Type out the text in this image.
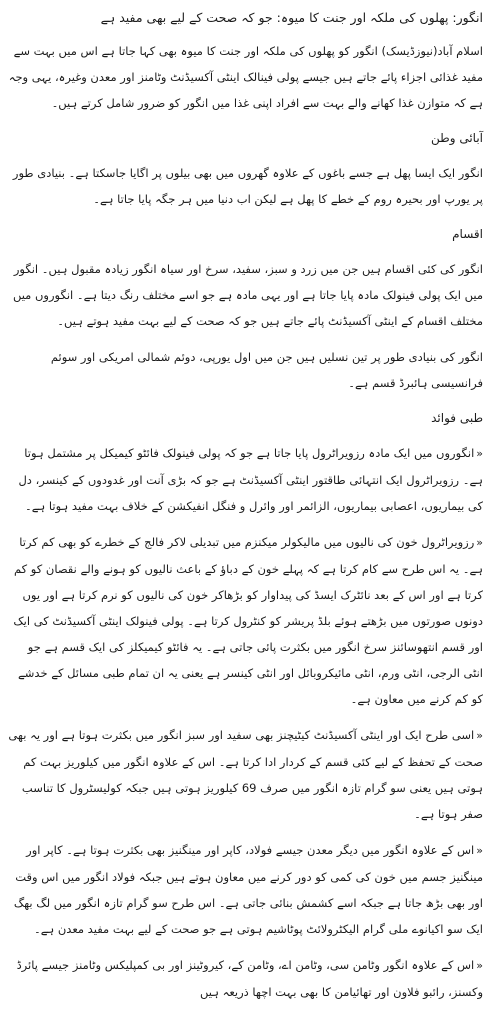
انگور: پھلوں کی ملکہ اور جنت کا میوہ: جو کہ صحت کے لیے بھی مفید ہے
اسلام آباد(نیوزڈیسک) انگور کو پھلوں کی ملکہ اور جنت کا میوہ بھی کہا جاتا ہے اس میں بہت سے مفید غذائی اجزاء پائے جاتے ہیں جیسے پولی فینالک اینٹی آکسیڈنٹ وٹامنز اور معدن وغیرہ، یہی وجہ ہے کہ متوازن غذا کھانے والے بہت سے افراد اپنی غذا میں انگور کو ضرور شامل کرتے ہیں۔
آبائی وطن
انگور ایک ایسا پھل ہے جسے باغوں کے علاوہ گھروں میں بھی بیلوں پر اگایا جاسکتا ہے۔ بنیادی طور پر یورپ اور بحیرہ روم کے خطے کا پھل ہے لیکن اب دنیا میں ہر جگہ پایا جاتا ہے۔
اقسام
انگور کی کئی اقسام ہیں جن میں زرد و سبز، سفید، سرخ اور سیاہ انگور زیادہ مقبول ہیں۔ انگور میں ایک پولی فینولک مادہ پایا جاتا ہے اور یہی مادہ ہے جو اسے مختلف رنگ دیتا ہے۔ انگوروں میں مختلف اقسام کے اینٹی آکسیڈنٹ پائے جاتے ہیں جو کہ صحت کے لیے بہت مفید ہوتے ہیں۔
انگور کی بنیادی طور پر تین نسلیں ہیں جن میں اول یورپی، دوئم شمالی امریکی اور سوئم فرانسیسی ہائبرڈ قسم ہے۔
طبی فوائد
«انگوروں میں ایک مادہ رزویراٹرول پایا جاتا ہے جو کہ پولی فینولک فائٹو کیمیکل پر مشتمل ہوتا ہے۔ رزویراٹرول ایک انتہائی طاقتور اینٹی آکسیڈنٹ ہے جو کہ بڑی آنت اور غدودوں کے کینسر، دل کی بیماریوں، اعصابی بیماریوں، الزائمر اور وائرل و فنگل انفیکشن کے خلاف بہت مفید ہوتا ہے۔
«رزویراٹرول خون کی نالیوں میں مالیکولر میکنزم میں تبدیلی لاکر فالج کے خطرے کو بھی کم کرتا ہے۔ یہ اس طرح سے کام کرتا ہے کہ پہلے خون کے دباؤ کے باعث نالیوں کو ہونے والے نقصان کو کم کرتا ہے اور اس کے بعد نائٹرک ایسڈ کی پیداوار کو بڑھاکر خون کی نالیوں کو نرم کرتا ہے اور یوں دونوں صورتوں میں بڑھتے ہوئے بلڈ پریشر کو کنٹرول کرتا ہے۔ پولی فینولک اینٹی آکسیڈنٹ کی ایک اور قسم انتھوسائنز سرخ انگور میں بکثرت پائی جاتی ہے۔ یہ فائٹو کیمیکلز کی ایک قسم ہے جو انٹی الرجی، انٹی ورم، انٹی مائیکروبائل اور انٹی کینسر ہے یعنی یہ ان تمام طبی مسائل کے خدشے کو کم کرنے میں معاون ہے۔
«اسی طرح ایک اور اینٹی آکسیڈنٹ کیٹیچنز بھی سفید اور سبز انگور میں بکثرت ہوتا ہے اور یہ بھی صحت کے تحفظ کے لیے کئی قسم کے کردار ادا کرتا ہے۔ اس کے علاوہ انگور میں کیلوریز بہت کم ہوتی ہیں یعنی سو گرام تازہ انگور میں صرف 69 کیلوریز ہوتی ہیں جبکہ کولیسٹرول کا تناسب صفر ہوتا ہے۔
«اس کے علاوہ انگور میں دیگر معدن جیسے فولاد، کاپر اور مینگنیز بھی بکثرت ہوتا ہے۔ کاپر اور مینگنیز جسم میں خون کی کمی کو دور کرنے میں معاون ہوتے ہیں جبکہ فولاد انگور میں اس وقت اور بھی بڑھ جاتا ہے جبکہ اسے کشمش بنائی جاتی ہے۔ اس طرح سو گرام تازہ انگور میں لگ بھگ ایک سو اکیانوے ملی گرام الیکٹرولائٹ پوٹاشیم ہوتی ہے جو صحت کے لیے بہت مفید معدن ہے۔
«اس کے علاوہ انگور وٹامن سی، وٹامن اے، وٹامن کے، کیروٹینز اور بی کمپلیکس وٹامنز جیسے پائرڈ وکسنز، رائبو فلاون اور تھائیامن کا بھی بہت اچھا ذریعہ ہیں
